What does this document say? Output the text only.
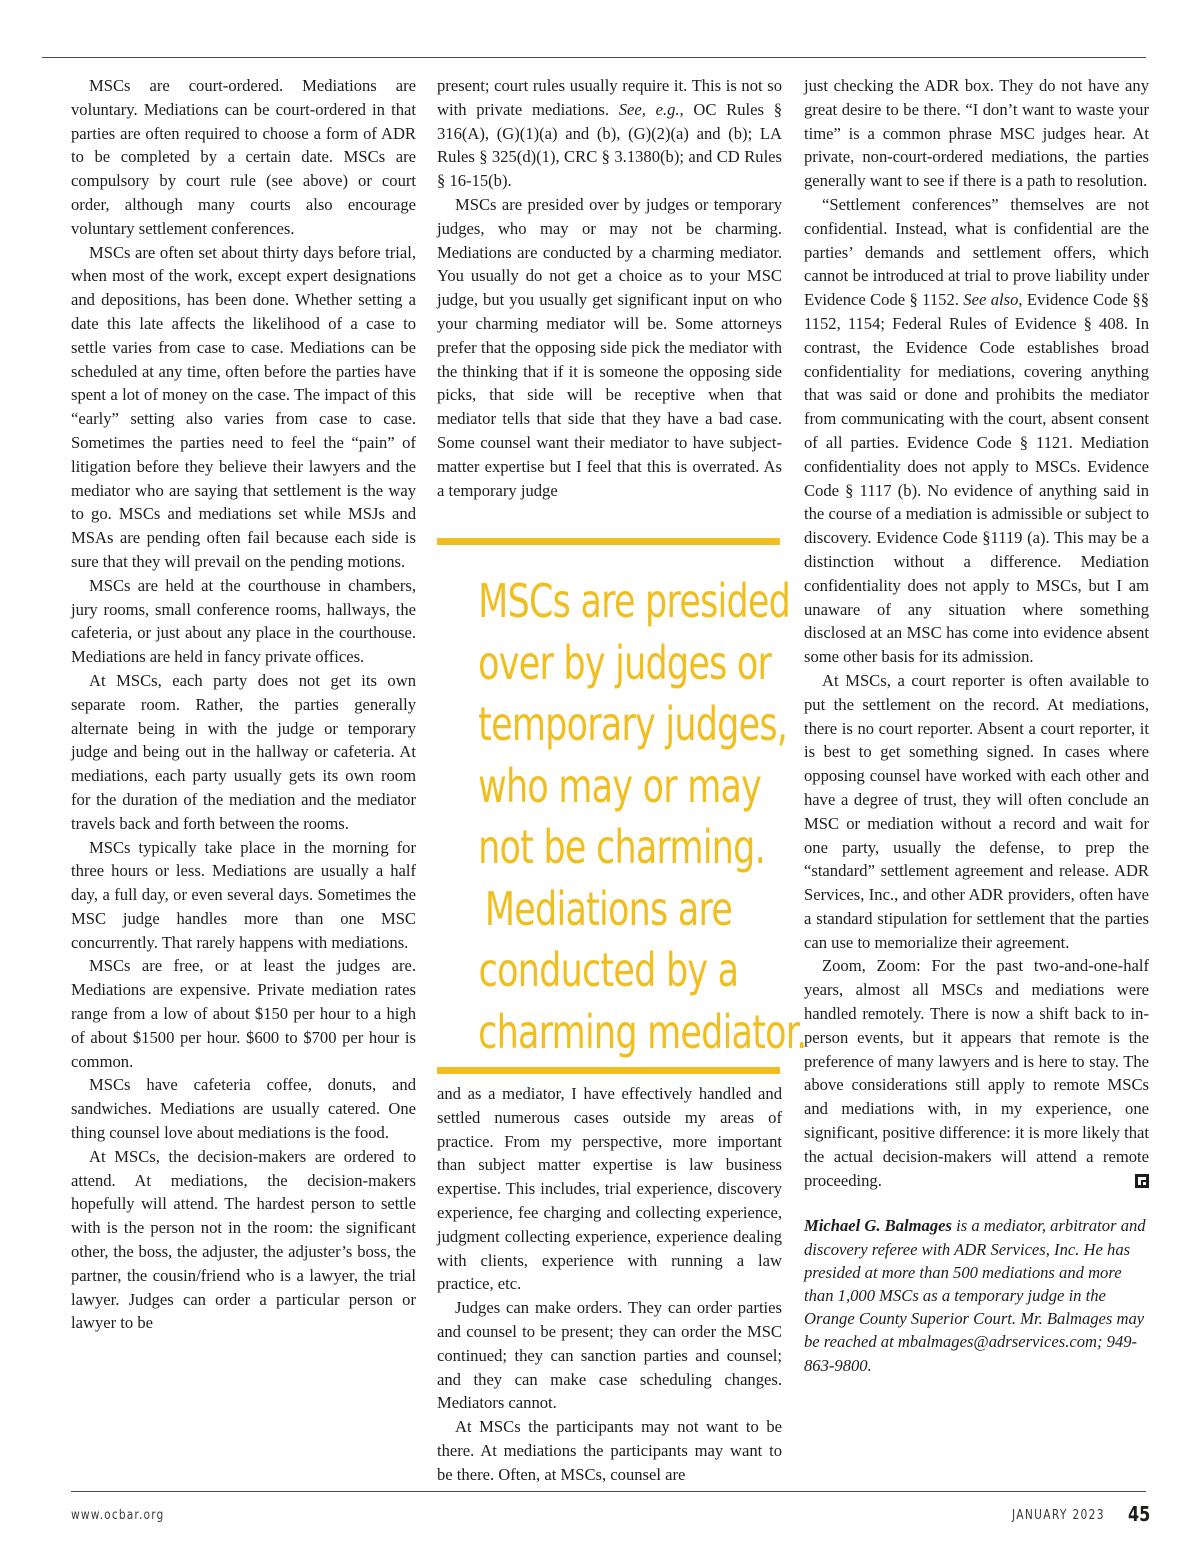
MSCs are court-ordered. Mediations are voluntary. Mediations can be court-ordered in that parties are often required to choose a form of ADR to be completed by a certain date. MSCs are compulsory by court rule (see above) or court order, although many courts also encourage voluntary settlement conferences.

MSCs are often set about thirty days before trial, when most of the work, except expert designations and depositions, has been done. Whether setting a date this late affects the likelihood of a case to settle varies from case to case. Mediations can be scheduled at any time, often before the parties have spent a lot of money on the case. The impact of this “early” setting also varies from case to case. Sometimes the parties need to feel the “pain” of litigation before they believe their lawyers and the mediator who are saying that settlement is the way to go. MSCs and mediations set while MSJs and MSAs are pending often fail because each side is sure that they will prevail on the pending motions.

MSCs are held at the courthouse in chambers, jury rooms, small conference rooms, hallways, the cafeteria, or just about any place in the courthouse. Mediations are held in fancy private offices.

At MSCs, each party does not get its own separate room. Rather, the parties generally alternate being in with the judge or temporary judge and being out in the hallway or cafeteria. At mediations, each party usually gets its own room for the duration of the mediation and the mediator travels back and forth between the rooms.

MSCs typically take place in the morning for three hours or less. Mediations are usually a half day, a full day, or even several days. Sometimes the MSC judge handles more than one MSC concurrently. That rarely happens with mediations.

MSCs are free, or at least the judges are. Mediations are expensive. Private mediation rates range from a low of about $150 per hour to a high of about $1500 per hour. $600 to $700 per hour is common.

MSCs have cafeteria coffee, donuts, and sandwiches. Mediations are usually catered. One thing counsel love about mediations is the food.

At MSCs, the decision-makers are ordered to attend. At mediations, the decision-makers hopefully will attend. The hardest person to settle with is the person not in the room: the significant other, the boss, the adjuster, the adjuster’s boss, the partner, the cousin/friend who is a lawyer, the trial lawyer. Judges can order a particular person or lawyer to be

present; court rules usually require it. This is not so with private mediations. See, e.g., OC Rules § 316(A), (G)(1)(a) and (b), (G)(2)(a) and (b); LA Rules § 325(d)(1), CRC § 3.1380(b); and CD Rules § 16-15(b).

MSCs are presided over by judges or temporary judges, who may or may not be charming. Mediations are conducted by a charming mediator. You usually do not get a choice as to your MSC judge, but you usually get significant input on who your charming mediator will be. Some attorneys prefer that the opposing side pick the mediator with the thinking that if it is someone the opposing side picks, that side will be receptive when that mediator tells that side that they have a bad case. Some counsel want their mediator to have subject-matter expertise but I feel that this is overrated. As a temporary judge

MSCs are presided
over by judges or
temporary judges,
who may or may
not be charming.
Mediations are
conducted by a
charming mediator.

and as a mediator, I have effectively handled and settled numerous cases outside my areas of practice. From my perspective, more important than subject matter expertise is law business expertise. This includes, trial experience, discovery experience, fee charging and collecting experience, judgment collecting experience, experience dealing with clients, experience with running a law practice, etc.

Judges can make orders. They can order parties and counsel to be present; they can order the MSC continued; they can sanction parties and counsel; and they can make case scheduling changes. Mediators cannot.

At MSCs the participants may not want to be there. At mediations the participants may want to be there. Often, at MSCs, counsel are

just checking the ADR box. They do not have any great desire to be there. “I don’t want to waste your time” is a common phrase MSC judges hear. At private, non-court-ordered mediations, the parties generally want to see if there is a path to resolution.

“Settlement conferences” themselves are not confidential. Instead, what is confidential are the parties’ demands and settlement offers, which cannot be introduced at trial to prove liability under Evidence Code § 1152. See also, Evidence Code §§ 1152, 1154; Federal Rules of Evidence § 408. In contrast, the Evidence Code establishes broad confidentiality for mediations, covering anything that was said or done and prohibits the mediator from communicating with the court, absent consent of all parties. Evidence Code § 1121. Mediation confidentiality does not apply to MSCs. Evidence Code § 1117 (b). No evidence of anything said in the course of a mediation is admissible or subject to discovery. Evidence Code §1119 (a). This may be a distinction without a difference. Mediation confidentiality does not apply to MSCs, but I am unaware of any situation where something disclosed at an MSC has come into evidence absent some other basis for its admission.

At MSCs, a court reporter is often available to put the settlement on the record. At mediations, there is no court reporter. Absent a court reporter, it is best to get something signed. In cases where opposing counsel have worked with each other and have a degree of trust, they will often conclude an MSC or mediation without a record and wait for one party, usually the defense, to prep the “standard” settlement agreement and release. ADR Services, Inc., and other ADR providers, often have a standard stipulation for settlement that the parties can use to memorialize their agreement.

Zoom, Zoom: For the past two-and-one-half years, almost all MSCs and mediations were handled remotely. There is now a shift back to in-person events, but it appears that remote is the preference of many lawyers and is here to stay. The above considerations still apply to remote MSCs and mediations with, in my experience, one significant, positive difference: it is more likely that the actual decision-makers will attend a remote proceeding.

Michael G. Balmages is a mediator, arbitrator and discovery referee with ADR Services, Inc. He has presided at more than 500 mediations and more than 1,000 MSCs as a temporary judge in the Orange County Superior Court. Mr. Balmages may be reached at mbalmages@adrservices.com; 949-863-9800.

www.ocbar.org	JANUARY 2023 45
